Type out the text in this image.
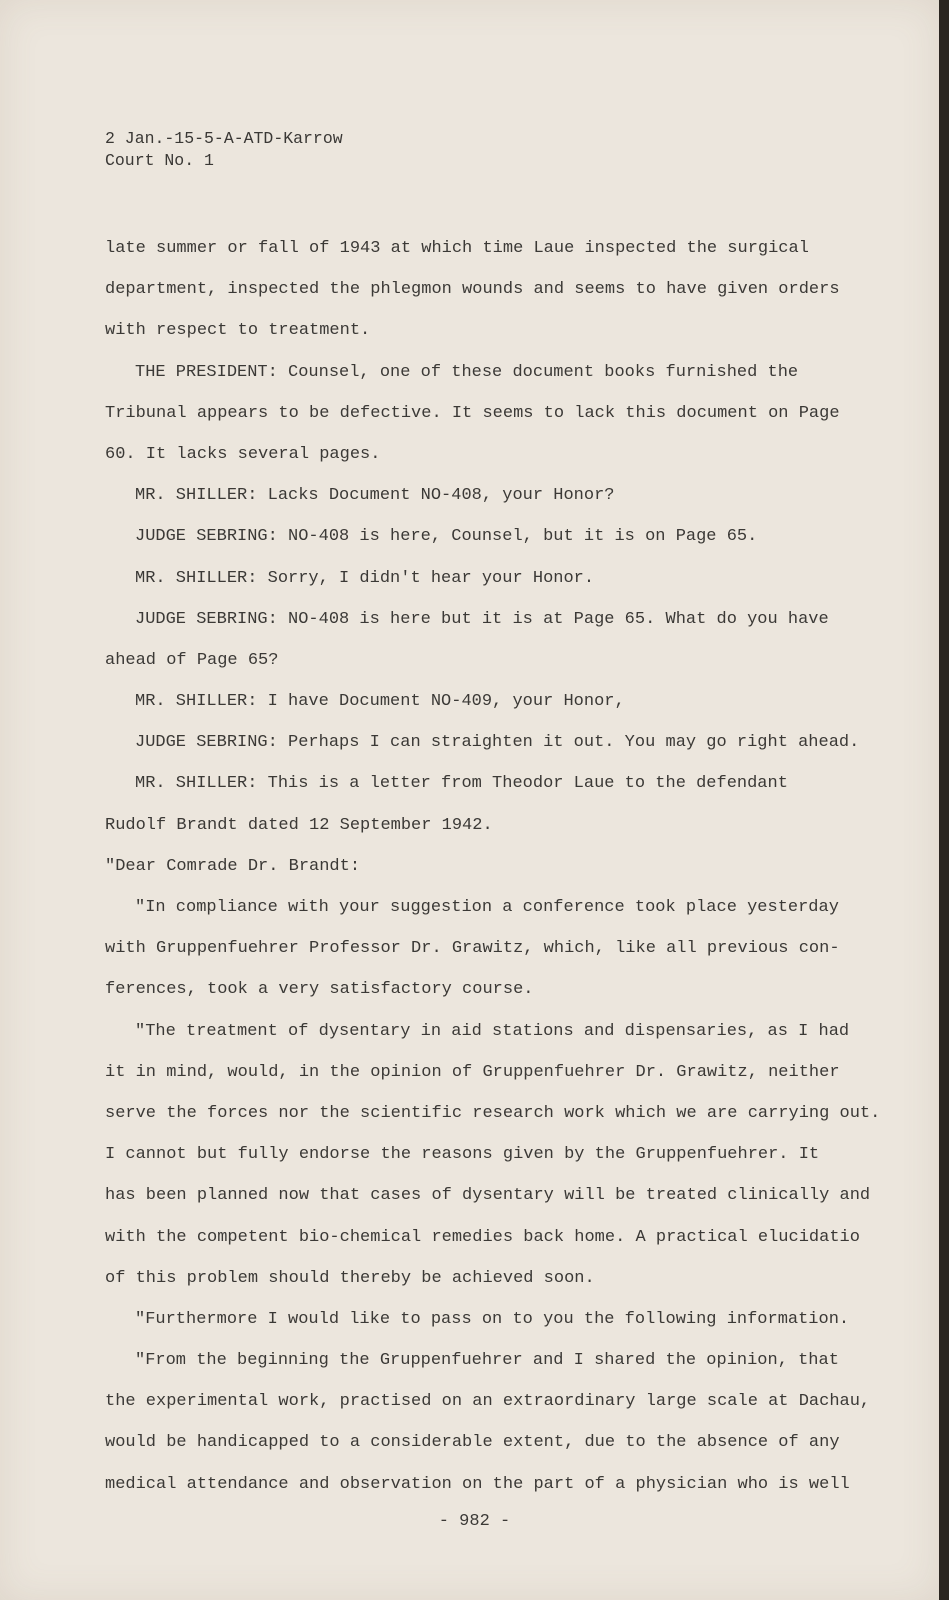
2 Jan.-15-5-A-ATD-Karrow
Court No. 1
late summer or fall of 1943 at which time Laue inspected the surgical
department, inspected the phlegmon wounds and seems to have given orders
with respect to treatment.
THE PRESIDENT: Counsel, one of these document books furnished the
Tribunal appears to be defective. It seems to lack this document on Page
60. It lacks several pages.
MR. SHILLER: Lacks Document NO-408, your Honor?
JUDGE SEBRING: NO-408 is here, Counsel, but it is on Page 65.
MR. SHILLER: Sorry, I didn't hear your Honor.
JUDGE SEBRING: NO-408 is here but it is at Page 65. What do you have
ahead of Page 65?
MR. SHILLER: I have Document NO-409, your Honor,
JUDGE SEBRING: Perhaps I can straighten it out. You may go right ahead.
MR. SHILLER: This is a letter from Theodor Laue to the defendant
Rudolf Brandt dated 12 September 1942.
"Dear Comrade Dr. Brandt:
"In compliance with your suggestion a conference took place yesterday
with Gruppenfuehrer Professor Dr. Grawitz, which, like all previous con-
ferences, took a very satisfactory course.
"The treatment of dysentary in aid stations and dispensaries, as I had
it in mind, would, in the opinion of Gruppenfuehrer Dr. Grawitz, neither
serve the forces nor the scientific research work which we are carrying out.
I cannot but fully endorse the reasons given by the Gruppenfuehrer. It
has been planned now that cases of dysentary will be treated clinically and
with the competent bio-chemical remedies back home. A practical elucidatio
of this problem should thereby be achieved soon.
"Furthermore I would like to pass on to you the following information.
"From the beginning the Gruppenfuehrer and I shared the opinion, that
the experimental work, practised on an extraordinary large scale at Dachau,
would be handicapped to a considerable extent, due to the absence of any
medical attendance and observation on the part of a physician who is well
- 982 -
